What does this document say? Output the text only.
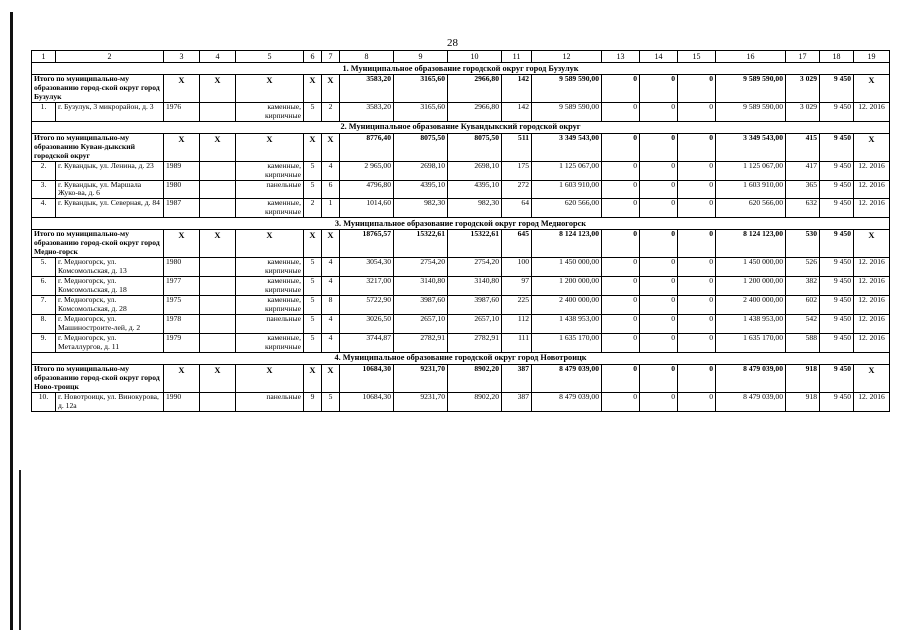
28
1	2	3	4	5	6	7	8	9	10	11	12	13	14	15	16	17	18	19
1. Муниципальное образование городской округ город Бузулук																		
Итого по муниципально-му образованию город-ской округ город Бузулук		X	X	X	X	X	3583,20	3165,60	2966,80	142	9 589 590,00	0	0	0	9 589 590,00	3 029	9 450	X
1.	г. Бузулук, 3 микрорайон, д. 3	1976		каменные, кирпичные	5	2	3583,20	3165,60	2966,80	142	9 589 590,00	0	0	0	9 589 590,00	3 029	9 450	12. 2016
2. Муниципальное образование Кувандыкский городской округ																		
Итого по муниципально-му образованию Куван-дыкский городской округ		X	X	X	X	X	8776,40	8075,50	8075,50	511	3 349 543,00	0	0	0	3 349 543,00	415	9 450	X
2.	г. Кувандык, ул. Ленина, д. 23	1989		каменные, кирпичные	5	4	2 965,00	2698,10	2698,10	175	1 125 067,00	0	0	0	1 125 067,00	417	9 450	12. 2016
3.	г. Кувандык, ул. Маршала Жуко-ва, д. 6	1980		панельные	5	6	4796,80	4395,10	4395,10	272	1 603 910,00	0	0	0	1 603 910,00	365	9 450	12. 2016
4.	г. Кувандык, ул. Северная, д. 84	1987		каменные, кирпичные	2	1	1014,60	982,30	982,30	64	620 566,00	0	0	0	620 566,00	632	9 450	12. 2016
3. Муниципальное образование городской округ город Медногорск																		
Итого по муниципально-му образованию город-ской округ город Медно-горск		X	X	X	X	X	18765,57	15322,61	15322,61	645	8 124 123,00	0	0	0	8 124 123,00	530	9 450	X
5.	г. Медногорск, ул. Комсомольская, д. 13	1980		каменные, кирпичные	5	4	3054,30	2754,20	2754,20	100	1 450 000,00	0	0	0	1 450 000,00	526	9 450	12. 2016
6.	г. Медногорск, ул. Комсомольская, д. 18	1977		каменные, кирпичные	5	4	3217,00	3140,80	3140,80	97	1 200 000,00	0	0	0	1 200 000,00	382	9 450	12. 2016
7.	г. Медногорск, ул. Комсомольская, д. 28	1975		каменные, кирпичные	5	8	5722,90	3987,60	3987,60	225	2 400 000,00	0	0	0	2 400 000,00	602	9 450	12. 2016
8.	г. Медногорск, ул. Машиностроите-лей, д. 2	1978		панельные	5	4	3026,50	2657,10	2657,10	112	1 438 953,00	0	0	0	1 438 953,00	542	9 450	12. 2016
9.	г. Медногорск, ул. Металлургов, д. 11	1979		каменные, кирпичные	5	4	3744,87	2782,91	2782,91	111	1 635 170,00	0	0	0	1 635 170,00	588	9 450	12. 2016
4. Муниципальное образование городской округ город Новотроицк																		
Итого по муниципально-му образованию город-ской округ город Ново-троицк		X	X	X	X	X	10684,30	9231,70	8902,20	387	8 479 039,00	0	0	0	8 479 039,00	918	9 450	X
10.	г. Новотроицк, ул. Винокурова, д. 12а	1990		панельные	9	5	10684,30	9231,70	8902,20	387	8 479 039,00	0	0	0	8 479 039,00	918	9 450	12. 2016
